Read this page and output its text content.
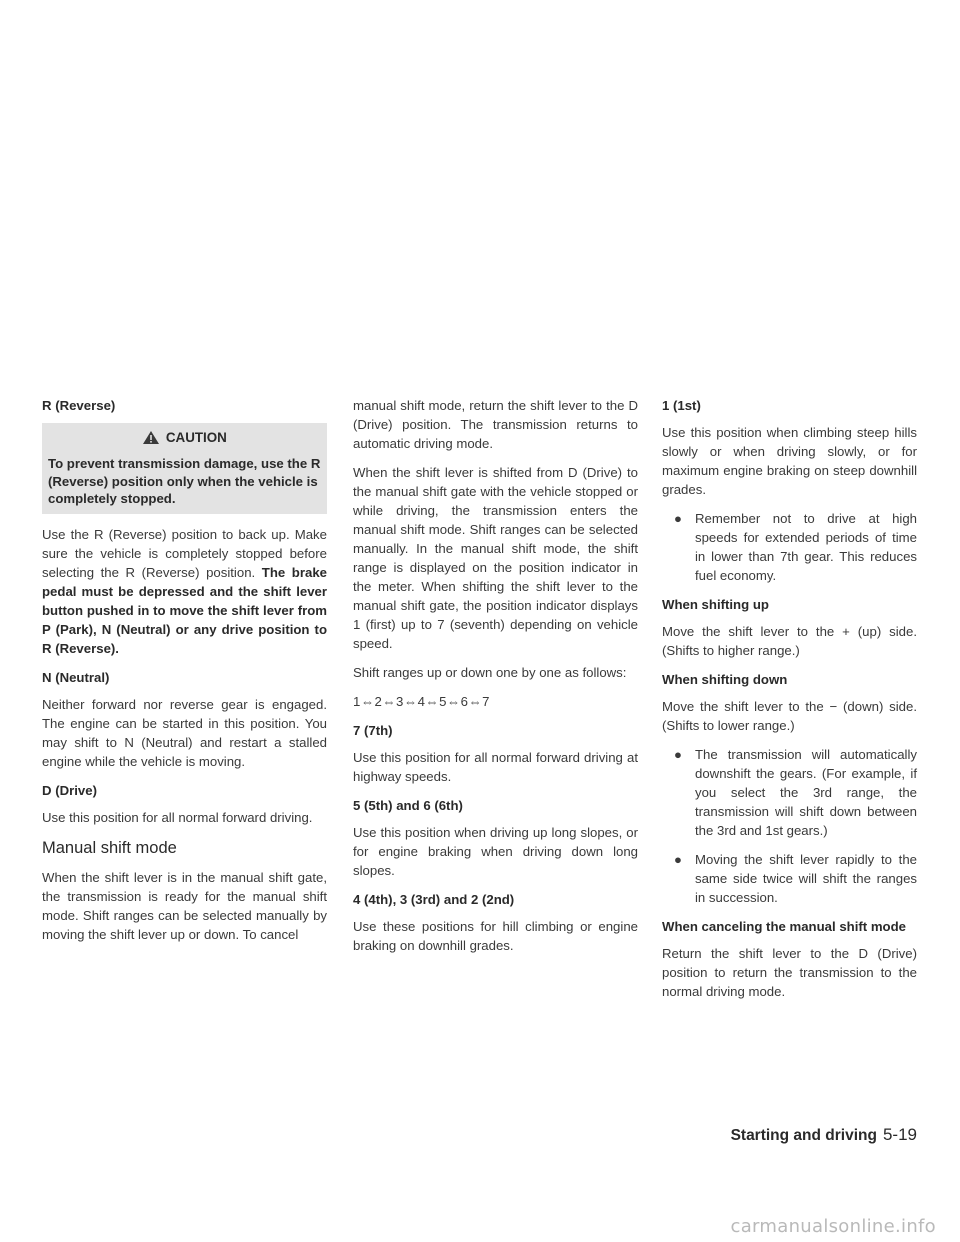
R (Reverse)
CAUTION
To prevent transmission damage, use the R (Reverse) position only when the vehicle is completely stopped.

Use the R (Reverse) position to back up. Make sure the vehicle is completely stopped before selecting the R (Reverse) position. The brake pedal must be depressed and the shift lever button pushed in to move the shift lever from P (Park), N (Neutral) or any drive position to R (Reverse).

N (Neutral)

Neither forward nor reverse gear is engaged. The engine can be started in this position. You may shift to N (Neutral) and restart a stalled engine while the vehicle is moving.

D (Drive)

Use this position for all normal forward driving.

Manual shift mode

When the shift lever is in the manual shift gate, the transmission is ready for the manual shift mode. Shift ranges can be selected manually by moving the shift lever up or down. To cancel

manual shift mode, return the shift lever to the D (Drive) position. The transmission returns to automatic driving mode.

When the shift lever is shifted from D (Drive) to the manual shift gate with the vehicle stopped or while driving, the transmission enters the manual shift mode. Shift ranges can be selected manually. In the manual shift mode, the shift range is displayed on the position indicator in the meter. When shifting the shift lever to the manual shift gate, the position indicator displays 1 (first) up to 7 (seventh) depending on vehicle speed.

Shift ranges up or down one by one as follows:

1⇔2⇔3⇔4⇔5⇔6⇔7

7 (7th)

Use this position for all normal forward driving at highway speeds.

5 (5th) and 6 (6th)

Use this position when driving up long slopes, or for engine braking when driving down long slopes.

4 (4th), 3 (3rd) and 2 (2nd)

Use these positions for hill climbing or engine braking on downhill grades.

1 (1st)

Use this position when climbing steep hills slowly or when driving slowly, or for maximum engine braking on steep downhill grades.

● Remember not to drive at high speeds for extended periods of time in lower than 7th gear. This reduces fuel economy.
When shifting up

Move the shift lever to the + (up) side. (Shifts to higher range.)

When shifting down

Move the shift lever to the − (down) side. (Shifts to lower range.)

● The transmission will automatically downshift the gears. (For example, if you select the 3rd range, the transmission will shift down between the 3rd and 1st gears.)
● Moving the shift lever rapidly to the same side twice will shift the ranges in succession.
When canceling the manual shift mode

Return the shift lever to the D (Drive) position to return the transmission to the normal driving mode.

Starting and driving 5-19
carmanualsonline.info
